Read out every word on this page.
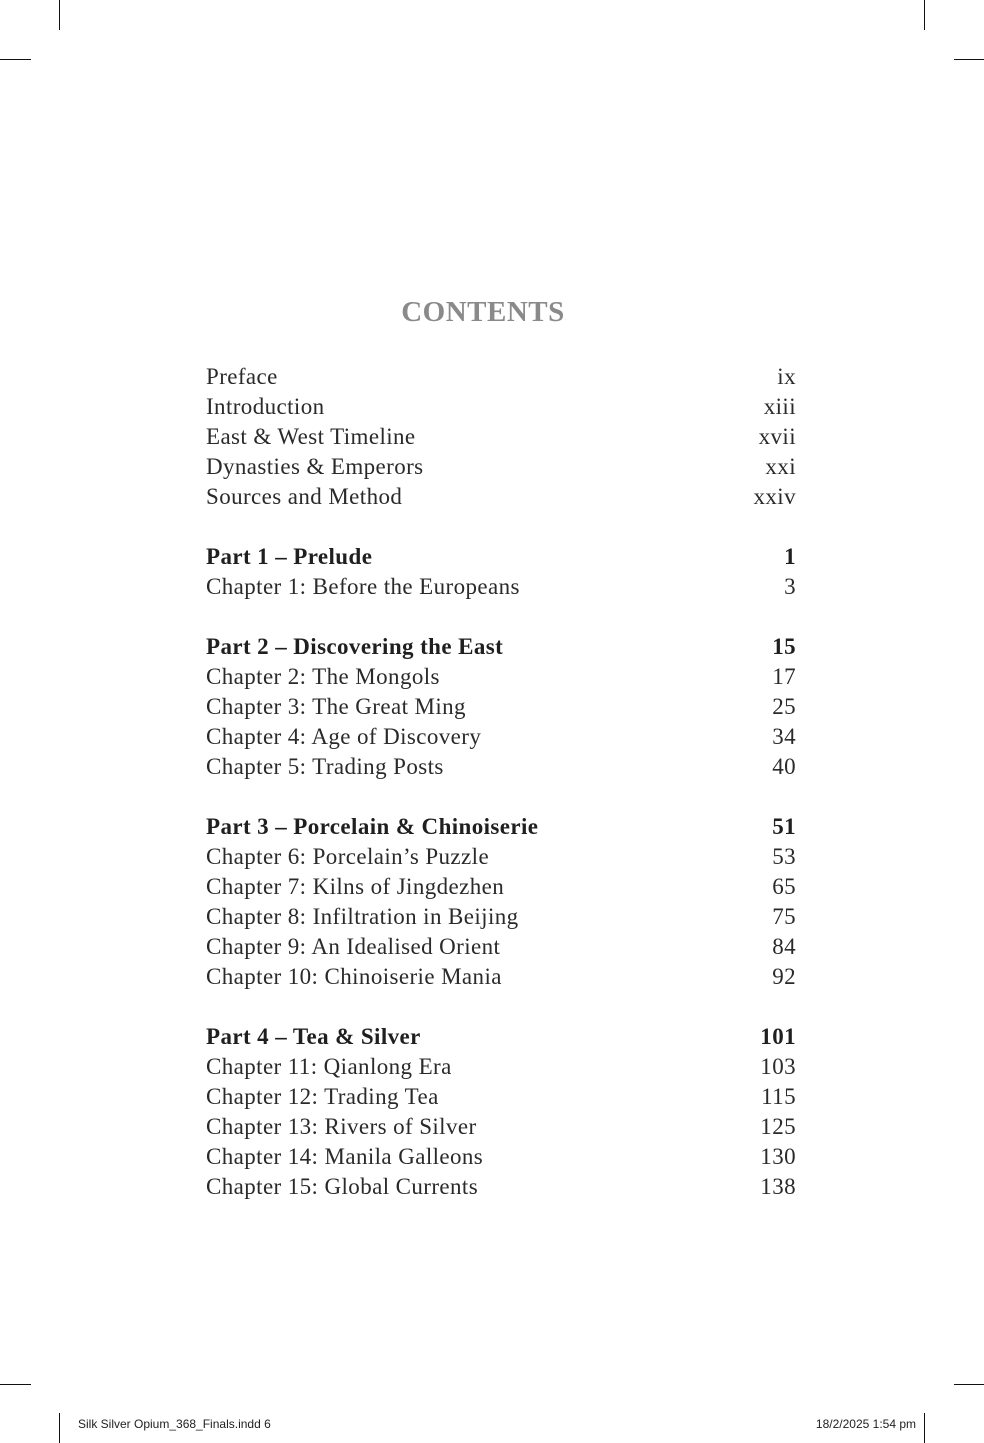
CONTENTS
Preface	ix
Introduction	xiii
East & West Timeline	xvii
Dynasties & Emperors	xxi
Sources and Method	xxiv
Part 1 – Prelude	1
Chapter 1: Before the Europeans	3
Part 2 – Discovering the East	15
Chapter 2: The Mongols	17
Chapter 3: The Great Ming	25
Chapter 4: Age of Discovery	34
Chapter 5: Trading Posts	40
Part 3 – Porcelain & Chinoiserie	51
Chapter 6: Porcelain’s Puzzle	53
Chapter 7: Kilns of Jingdezhen	65
Chapter 8: Infiltration in Beijing	75
Chapter 9: An Idealised Orient	84
Chapter 10: Chinoiserie Mania	92
Part 4 – Tea & Silver	101
Chapter 11: Qianlong Era	103
Chapter 12: Trading Tea	115
Chapter 13: Rivers of Silver	125
Chapter 14: Manila Galleons	130
Chapter 15: Global Currents	138
Silk Silver Opium_368_Finals.indd 6	18/2/2025 1:54 pm
